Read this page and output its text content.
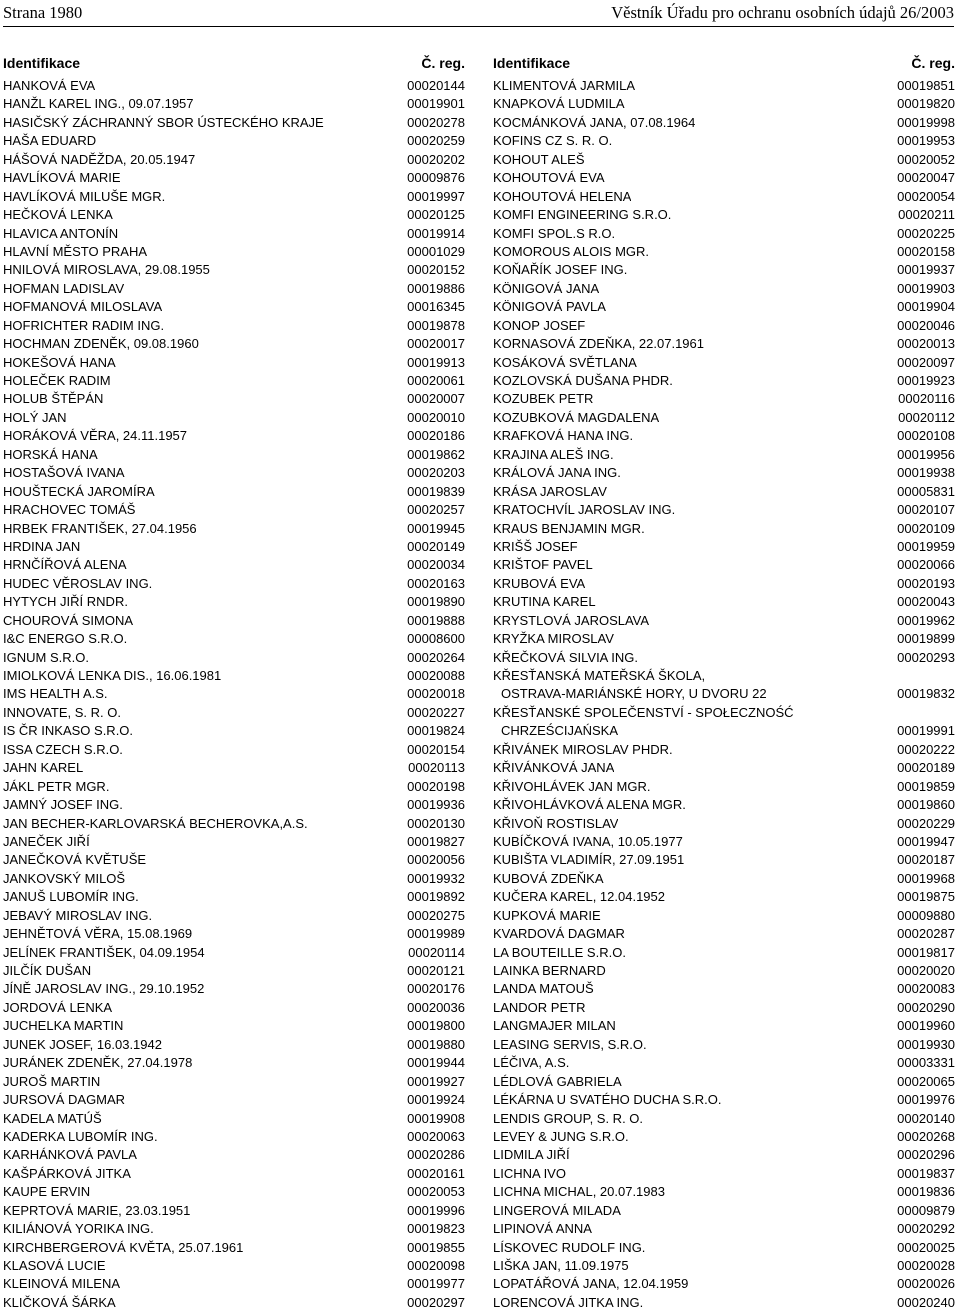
Strana 1980	Věstník Úřadu pro ochranu osobních údajů 26/2003
Identifikace	Č. reg.
HANKOVÁ EVA	00020144
HANŽL KAREL ING., 09.07.1957	00019901
HASIČSKÝ ZÁCHRANNÝ SBOR ÚSTECKÉHO KRAJE	00020278
HAŠA EDUARD	00020259
HÁŠOVÁ NADĚŽDA, 20.05.1947	00020202
HAVLÍKOVÁ MARIE	00009876
HAVLÍKOVÁ MILUŠE MGR.	00019997
HEČKOVÁ LENKA	00020125
HLAVICA ANTONÍN	00019914
HLAVNÍ MĚSTO PRAHA	00001029
HNILOVÁ MIROSLAVA, 29.08.1955	00020152
HOFMAN LADISLAV	00019886
HOFMANOVÁ MILOSLAVA	00016345
HOFRICHTER RADIM ING.	00019878
HOCHMAN ZDENĚK, 09.08.1960	00020017
HOKEŠOVÁ HANA	00019913
HOLEČEK RADIM	00020061
HOLUB ŠTĚPÁN	00020007
HOLÝ JAN	00020010
HORÁKOVÁ VĚRA, 24.11.1957	00020186
HORSKÁ HANA	00019862
HOSTAŠOVÁ IVANA	00020203
HOUŠTECKÁ JAROMÍRA	00019839
HRACHOVEC TOMÁŠ	00020257
HRBEK FRANTIŠEK, 27.04.1956	00019945
HRDINA JAN	00020149
HRNČÍŘOVÁ ALENA	00020034
HUDEC VĚROSLAV ING.	00020163
HYTYCH JIŘÍ RNDR.	00019890
CHOUROVÁ SIMONA	00019888
I&C ENERGO S.R.O.	00008600
IGNUM S.R.O.	00020264
IMIOLKOVÁ LENKA DIS., 16.06.1981	00020088
IMS HEALTH A.S.	00020018
INNOVATE, S. R. O.	00020227
IS ČR INKASO S.R.O.	00019824
ISSA CZECH S.R.O.	00020154
JAHN KAREL	00020113
JÁKL PETR MGR.	00020198
JAMNÝ JOSEF ING.	00019936
JAN BECHER-KARLOVARSKÁ BECHEROVKA,A.S.	00020130
JANEČEK JIŘÍ	00019827
JANEČKOVÁ KVĚTUŠE	00020056
JANKOVSKÝ MILOŠ	00019932
JANUŠ LUBOMÍR ING.	00019892
JEBAVÝ MIROSLAV ING.	00020275
JEHNĚTOVÁ VĚRA, 15.08.1969	00019989
JELÍNEK FRANTIŠEK, 04.09.1954	00020114
JILČÍK DUŠAN	00020121
JÍNĚ JAROSLAV ING., 29.10.1952	00020176
JORDOVÁ LENKA	00020036
JUCHELKA MARTIN	00019800
JUNEK JOSEF, 16.03.1942	00019880
JURÁNEK ZDENĚK, 27.04.1978	00019944
JUROŠ MARTIN	00019927
JURSOVÁ DAGMAR	00019924
KADELA MATÚŠ	00019908
KADERKA LUBOMÍR ING.	00020063
KARHÁNKOVÁ PAVLA	00020286
KAŠPÁRKOVÁ JITKA	00020161
KAUPE ERVIN	00020053
KEPRTOVÁ MARIE, 23.03.1951	00019996
KILIÁNOVÁ YORIKA ING.	00019823
KIRCHBERGEROVÁ KVĚTA, 25.07.1961	00019855
KLASOVÁ LUCIE	00020098
KLEINOVÁ MILENA	00019977
KLIČKOVÁ ŠÁRKA	00020297
Identifikace	Č. reg.
KLIMENTOVÁ JARMILA	00019851
KNAPKOVÁ LUDMILA	00019820
KOCMÁNKOVÁ JANA, 07.08.1964	00019998
KOFINS CZ S. R. O.	00019953
KOHOUT ALEŠ	00020052
KOHOUTOVÁ EVA	00020047
KOHOUTOVÁ HELENA	00020054
KOMFI ENGINEERING S.R.O.	00020211
KOMFI SPOL.S R.O.	00020225
KOMOROUS ALOIS MGR.	00020158
KOŇAŘÍK JOSEF ING.	00019937
KÖNIGOVÁ JANA	00019903
KÖNIGOVÁ PAVLA	00019904
KONOP JOSEF	00020046
KORNASOVÁ ZDEŇKA, 22.07.1961	00020013
KOSÁKOVÁ SVĚTLANA	00020097
KOZLOVSKÁ DUŠANA PHDR.	00019923
KOZUBEK PETR	00020116
KOZUBKOVÁ MAGDALENA	00020112
KRAFKOVÁ HANA ING.	00020108
KRAJINA ALEŠ ING.	00019956
KRÁLOVÁ JANA ING.	00019938
KRÁSA JAROSLAV	00005831
KRATOCHVÍL JAROSLAV ING.	00020107
KRAUS BENJAMIN MGR.	00020109
KRIŠŠ JOSEF	00019959
KRIŠTOF PAVEL	00020066
KRUBOVÁ EVA	00020193
KRUTINA KAREL	00020043
KRYSTLOVÁ JAROSLAVA	00019962
KRYŽKA MIROSLAV	00019899
KŘEČKOVÁ SILVIA ING.	00020293
KŘESŤANSKÁ MATEŘSKÁ ŠKOLA,
OSTRAVA-MARIÁNSKÉ HORY, U DVORU 22	00019832
KŘESŤANSKÉ SPOLEČENSTVÍ - SPOŁECZNOŚĆ
CHRZEŚCIJAŃSKA	00019991
KŘIVÁNEK MIROSLAV PHDR.	00020222
KŘIVÁNKOVÁ JANA	00020189
KŘIVOHLÁVEK JAN MGR.	00019859
KŘIVOHLÁVKOVÁ ALENA MGR.	00019860
KŘIVOŇ ROSTISLAV	00020229
KUBÍČKOVÁ IVANA, 10.05.1977	00019947
KUBIŠTA VLADIMÍR, 27.09.1951	00020187
KUBOVÁ ZDEŇKA	00019968
KUČERA KAREL, 12.04.1952	00019875
KUPKOVÁ MARIE	00009880
KVARDOVÁ DAGMAR	00020287
LA BOUTEILLE S.R.O.	00019817
LAINKA BERNARD	00020020
LANDA MATOUŠ	00020083
LANDOR PETR	00020290
LANGMAJER MILAN	00019960
LEASING SERVIS, S.R.O.	00019930
LÉČIVA, A.S.	00003331
LÉDLOVÁ GABRIELA	00020065
LÉKÁRNA U SVATÉHO DUCHA S.R.O.	00019976
LENDIS GROUP, S. R. O.	00020140
LEVEY & JUNG S.R.O.	00020268
LIDMILA JIŘÍ	00020296
LICHNA IVO	00019837
LICHNA MICHAL, 20.07.1983	00019836
LINGEROVÁ MILADA	00009879
LIPINOVÁ ANNA	00020292
LÍSKOVEC RUDOLF ING.	00020025
LIŠKA JAN, 11.09.1975	00020028
LOPATÁŘOVÁ JANA, 12.04.1959	00020026
LORENCOVÁ JITKA ING.	00020240
